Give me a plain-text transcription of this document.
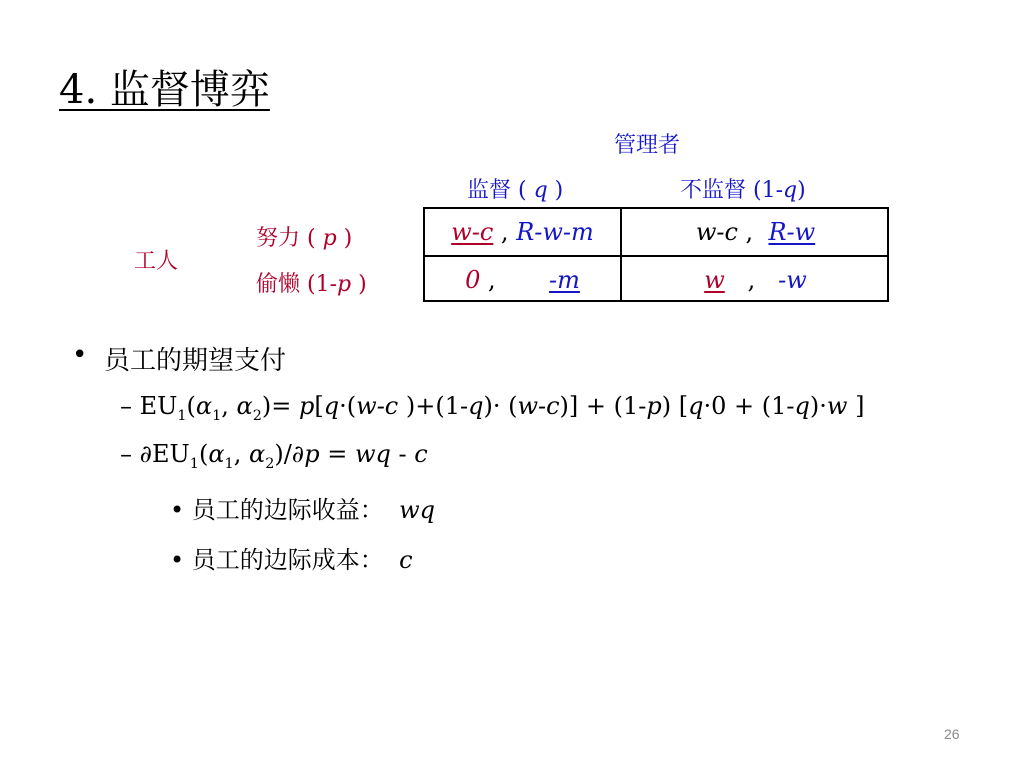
4. 监督博弈
管理者
监督 ( q )	不监督 (1-q)
工人
努力 ( p )
偷懒 (1-p )
w-c , R-w-m	w-c ,  R-w
0 , -m	w , -w
• 员工的期望支付
– $EU_1(\alpha_1$, $\alpha_2)= p[q\cdot(w-c$ )+(1-q)· (w-c)] + (1-p) [q·0 + (1-q)·w ]
– $\partial EU_1(\alpha_1$, $\alpha_2)/\partial p$ = wq - c
• 员工的边际收益： wq
• 员工的边际成本： c
26
